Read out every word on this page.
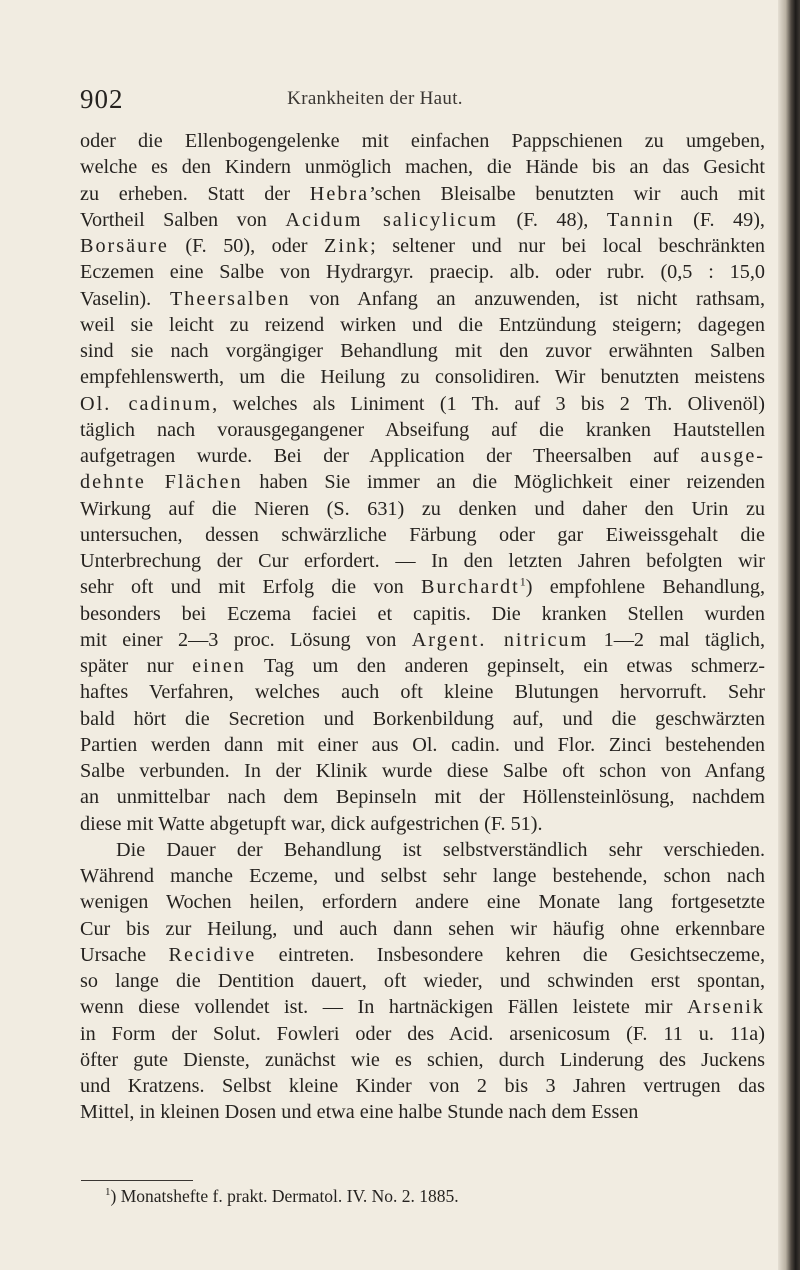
902	Krankheiten der Haut.
oder die Ellenbogengelenke mit einfachen Pappschienen zu umgeben,
welche es den Kindern unmöglich machen, die Hände bis an das Gesicht
zu erheben. Statt der Hebra’schen Bleisalbe benutzten wir auch mit
Vortheil Salben von Acidum salicylicum (F. 48), Tannin (F. 49),
Borsäure (F. 50), oder Zink; seltener und nur bei local beschränkten
Eczemen eine Salbe von Hydrargyr. praecip. alb. oder rubr. (0,5 : 15,0
Vaselin). Theersalben von Anfang an anzuwenden, ist nicht rathsam,
weil sie leicht zu reizend wirken und die Entzündung steigern; dagegen
sind sie nach vorgängiger Behandlung mit den zuvor erwähnten Salben
empfehlenswerth, um die Heilung zu consolidiren. Wir benutzten meistens
Ol. cadinum, welches als Liniment (1 Th. auf 3 bis 2 Th. Olivenöl)
täglich nach vorausgegangener Abseifung auf die kranken Hautstellen
aufgetragen wurde. Bei der Application der Theersalben auf ausge-
dehnte Flächen haben Sie immer an die Möglichkeit einer reizenden
Wirkung auf die Nieren (S. 631) zu denken und daher den Urin zu
untersuchen, dessen schwärzliche Färbung oder gar Eiweissgehalt die
Unterbrechung der Cur erfordert. — In den letzten Jahren befolgten wir
sehr oft und mit Erfolg die von Burchardt$^1$) empfohlene Behandlung,
besonders bei Eczema faciei et capitis. Die kranken Stellen wurden
mit einer 2—3 proc. Lösung von Argent. nitricum 1—2 mal täglich,
später nur einen Tag um den anderen gepinselt, ein etwas schmerz-
haftes Verfahren, welches auch oft kleine Blutungen hervorruft. Sehr
bald hört die Secretion und Borkenbildung auf, und die geschwärzten
Partien werden dann mit einer aus Ol. cadin. und Flor. Zinci bestehenden
Salbe verbunden. In der Klinik wurde diese Salbe oft schon von Anfang
an unmittelbar nach dem Bepinseln mit der Höllensteinlösung, nachdem
diese mit Watte abgetupft war, dick aufgestrichen (F. 51).
Die Dauer der Behandlung ist selbstverständlich sehr verschieden.
Während manche Eczeme, und selbst sehr lange bestehende, schon nach
wenigen Wochen heilen, erfordern andere eine Monate lang fortgesetzte
Cur bis zur Heilung, und auch dann sehen wir häufig ohne erkennbare
Ursache Recidive eintreten. Insbesondere kehren die Gesichtseczeme,
so lange die Dentition dauert, oft wieder, und schwinden erst spontan,
wenn diese vollendet ist. — In hartnäckigen Fällen leistete mir Arsenik
in Form der Solut. Fowleri oder des Acid. arsenicosum (F. 11 u. 11a)
öfter gute Dienste, zunächst wie es schien, durch Linderung des Juckens
und Kratzens. Selbst kleine Kinder von 2 bis 3 Jahren vertrugen das
Mittel, in kleinen Dosen und etwa eine halbe Stunde nach dem Essen
$^1$) Monatshefte f. prakt. Dermatol. IV. No. 2. 1885.
